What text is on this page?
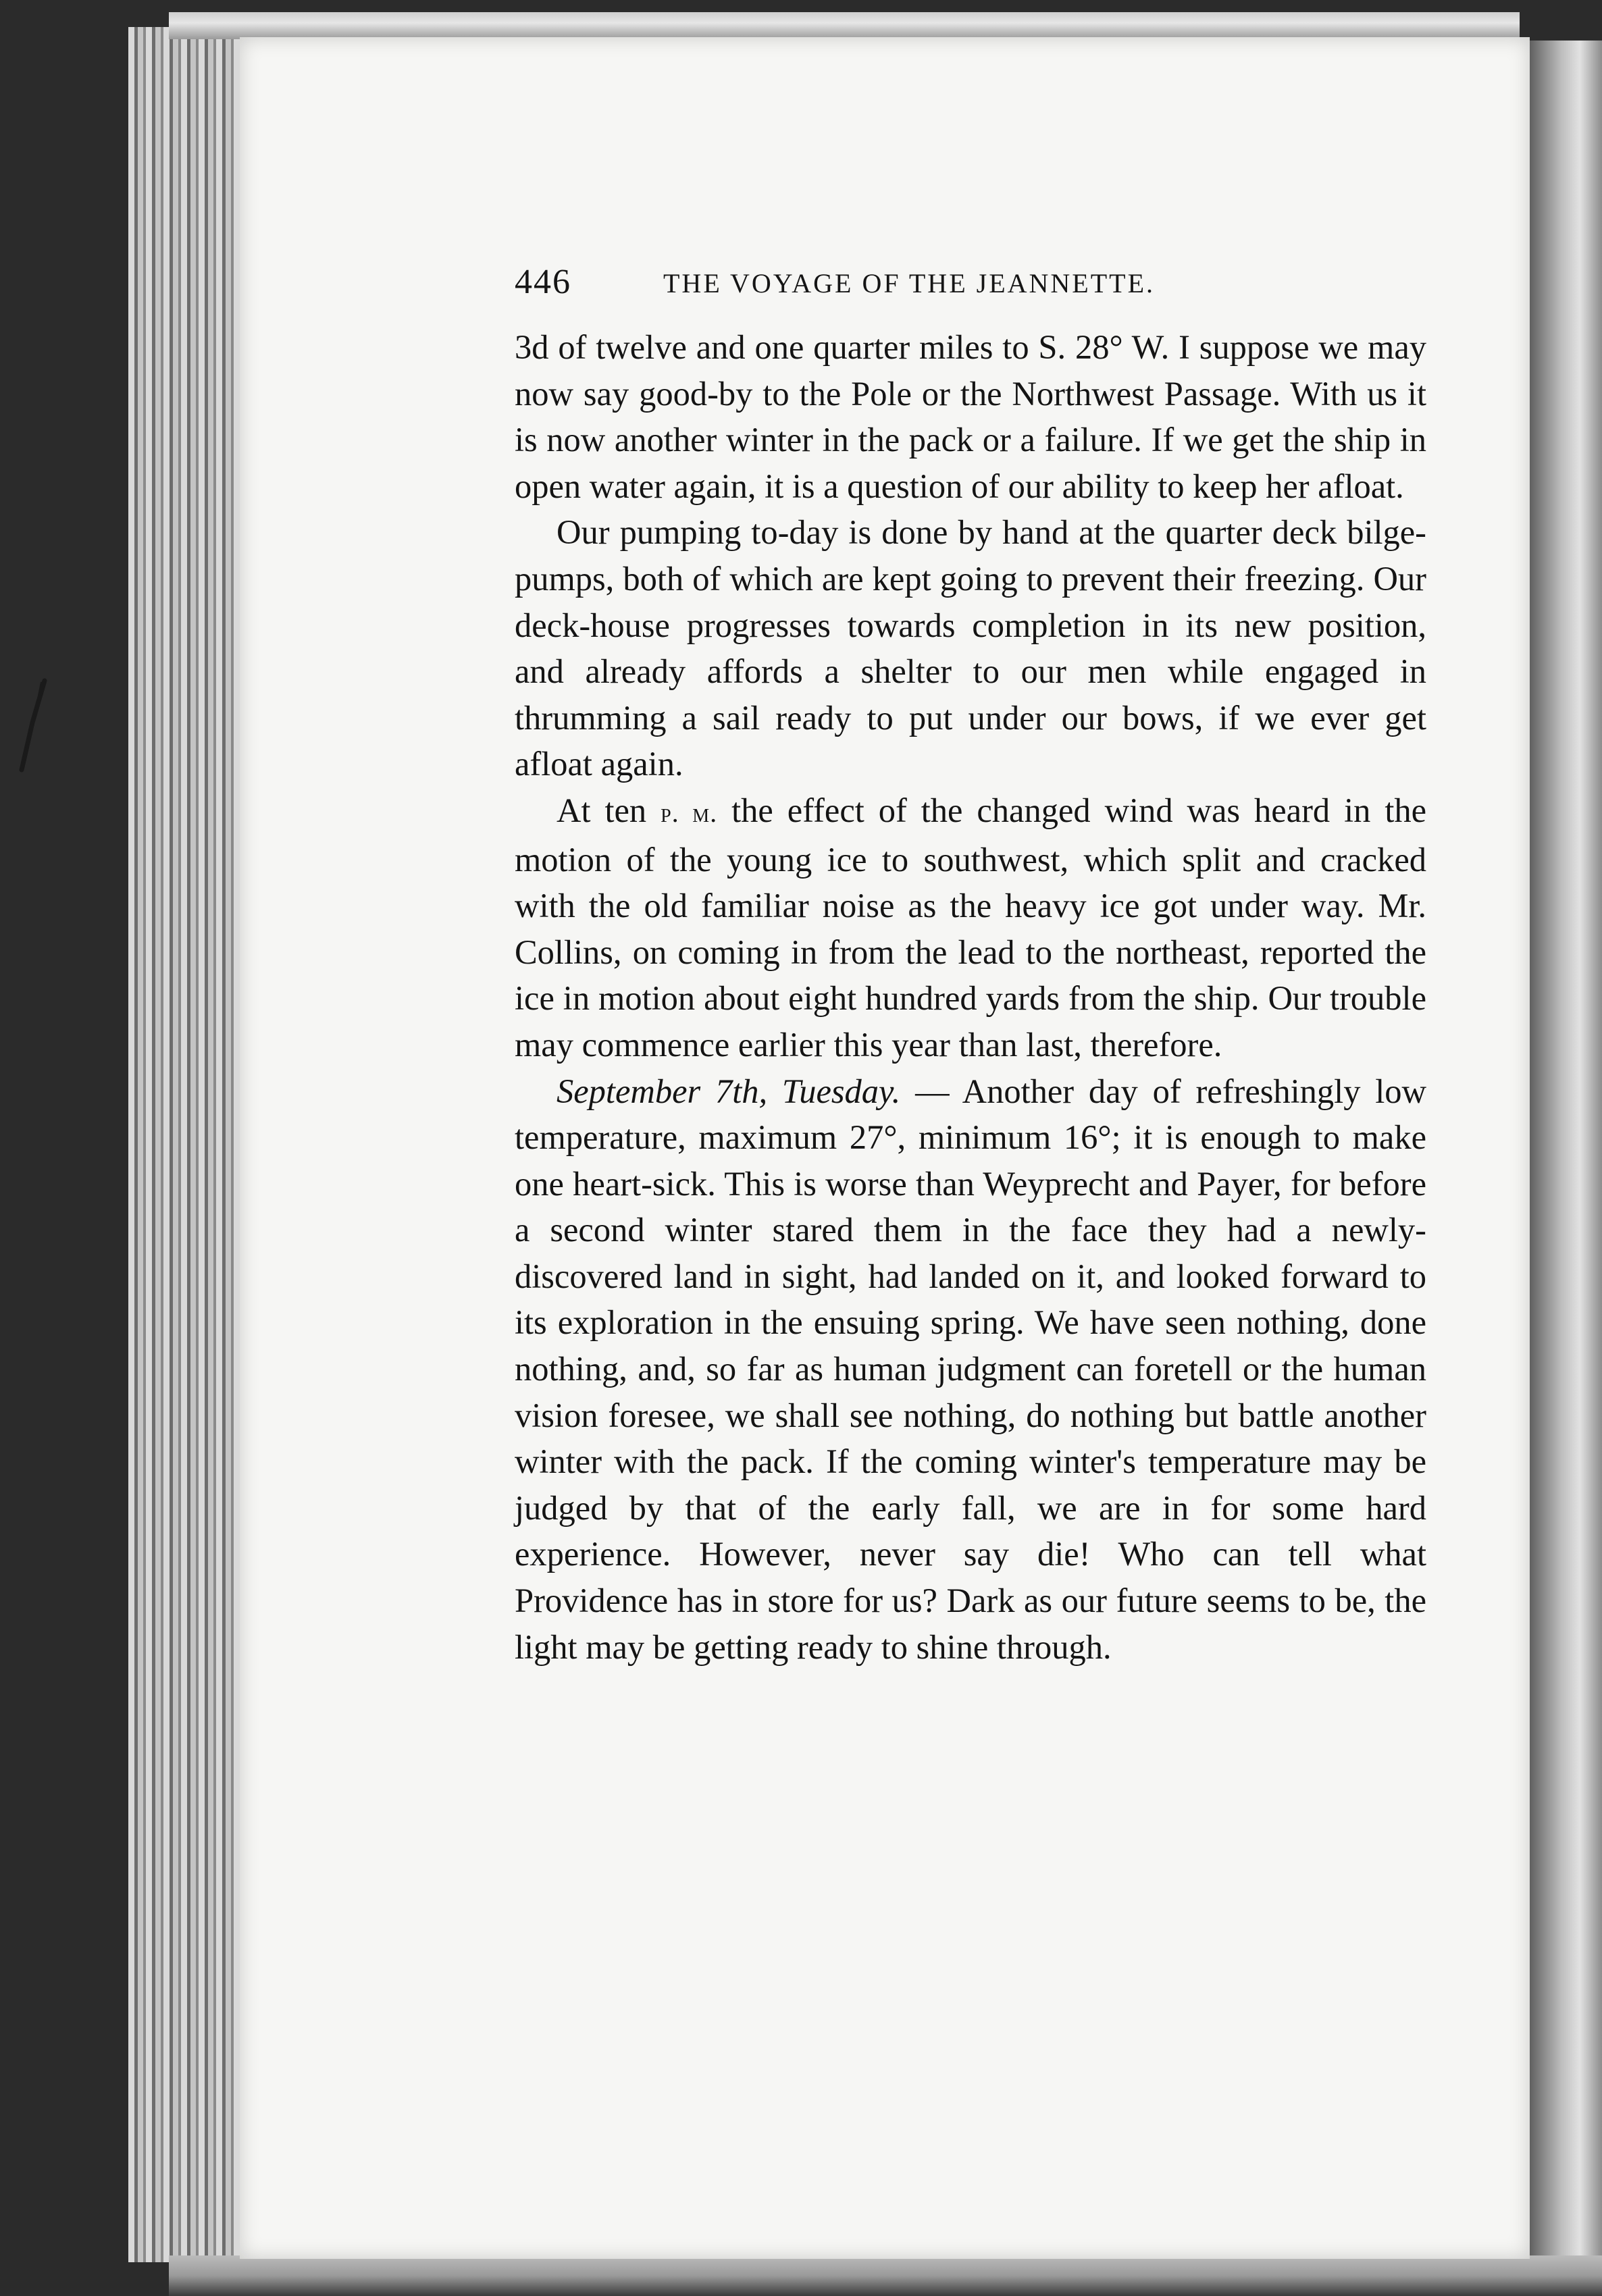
446	THE VOYAGE OF THE JEANNETTE.

3d of twelve and one quarter miles to S. 28° W. I suppose we may now say good-by to the Pole or the Northwest Passage. With us it is now another winter in the pack or a failure. If we get the ship in open water again, it is a question of our ability to keep her afloat.

Our pumping to-day is done by hand at the quarter deck bilge-pumps, both of which are kept going to prevent their freezing. Our deck-house progresses towards completion in its new position, and already affords a shelter to our men while engaged in thrumming a sail ready to put under our bows, if we ever get afloat again.

At ten p. m. the effect of the changed wind was heard in the motion of the young ice to southwest, which split and cracked with the old familiar noise as the heavy ice got under way. Mr. Collins, on coming in from the lead to the northeast, reported the ice in motion about eight hundred yards from the ship. Our trouble may commence earlier this year than last, therefore.

September 7th, Tuesday. — Another day of refreshingly low temperature, maximum 27°, minimum 16°; it is enough to make one heart-sick. This is worse than Weyprecht and Payer, for before a second winter stared them in the face they had a newly-discovered land in sight, had landed on it, and looked forward to its exploration in the ensuing spring. We have seen nothing, done nothing, and, so far as human judgment can foretell or the human vision foresee, we shall see nothing, do nothing but battle another winter with the pack. If the coming winter's temperature may be judged by that of the early fall, we are in for some hard experience. However, never say die! Who can tell what Providence has in store for us? Dark as our future seems to be, the light may be getting ready to shine through.
